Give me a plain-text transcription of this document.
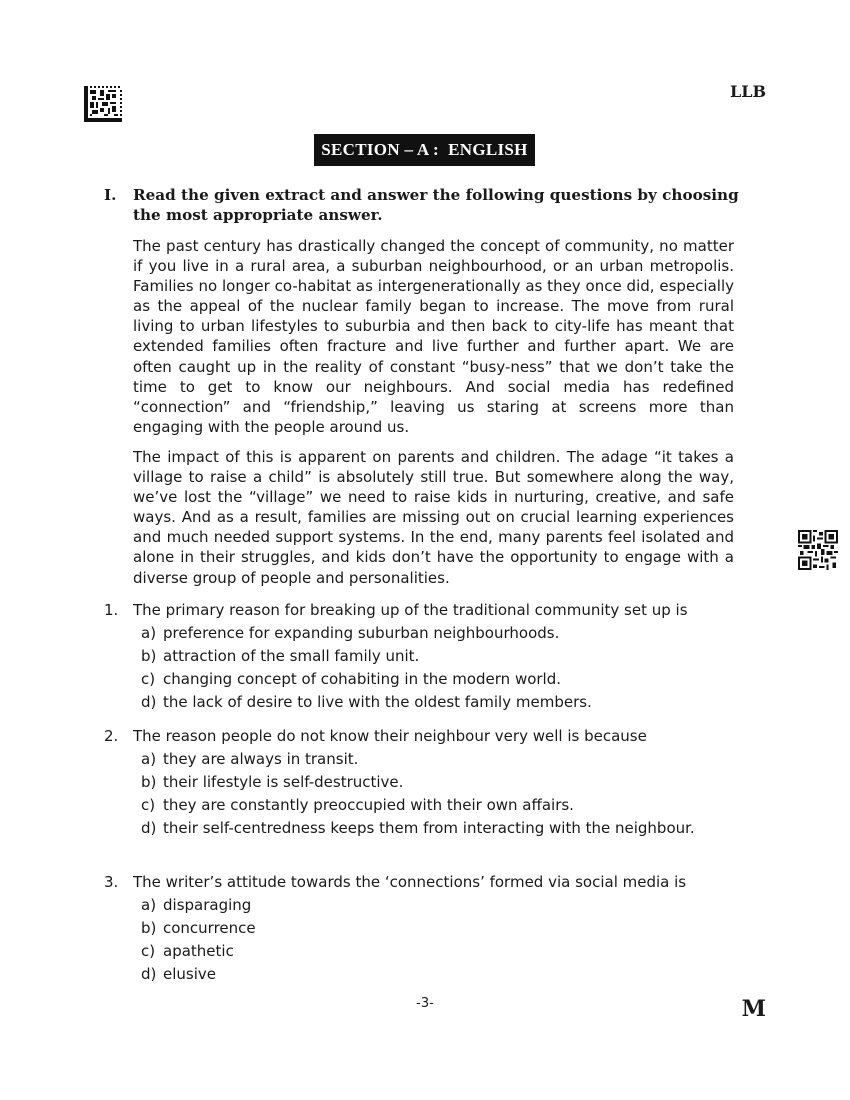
LLB
SECTION – A :  ENGLISH
I. Read the given extract and answer the following questions by choosing the most appropriate answer.

The past century has drastically changed the concept of community, no matter if you live in a rural area, a suburban neighbourhood, or an urban metropolis. Families no longer co-habitat as intergenerationally as they once did, especially as the appeal of the nuclear family began to increase. The move from rural living to urban lifestyles to suburbia and then back to city-life has meant that extended families often fracture and live further and further apart. We are often caught up in the reality of constant “busy-ness” that we don’t take the time to get to know our neighbours. And social media has redefined “connection” and “friendship,” leaving us staring at screens more than engaging with the people around us.

The impact of this is apparent on parents and children. The adage “it takes a village to raise a child” is absolutely still true. But somewhere along the way, we’ve lost the “village” we need to raise kids in nurturing, creative, and safe ways. And as a result, families are missing out on crucial learning experiences and much needed support systems. In the end, many parents feel isolated and alone in their struggles, and kids don’t have the opportunity to engage with a diverse group of people and personalities.

1. The primary reason for breaking up of the traditional community set up is
a) preference for expanding suburban neighbourhoods.
b) attraction of the small family unit.
c) changing concept of cohabiting in the modern world.
d) the lack of desire to live with the oldest family members.
2. The reason people do not know their neighbour very well is because
a) they are always in transit.
b) their lifestyle is self-destructive.
c) they are constantly preoccupied with their own affairs.
d) their self-centredness keeps them from interacting with the neighbour.
3. The writer’s attitude towards the ‘connections’ formed via social media is
a) disparaging
b) concurrence
c) apathetic
d) elusive
-3-	M
